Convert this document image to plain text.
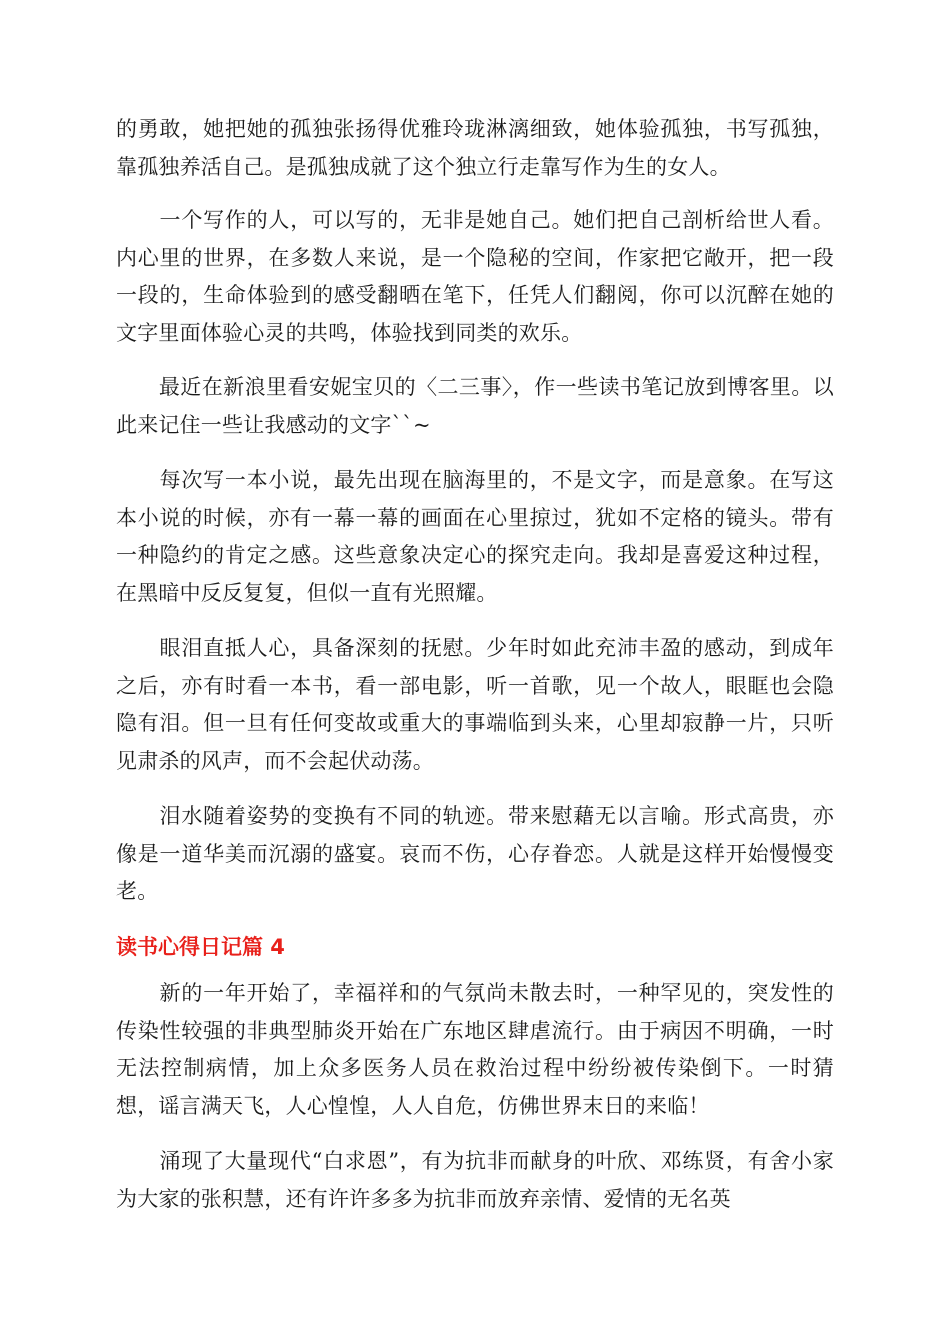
的勇敢，她把她的孤独张扬得优雅玲珑淋漓细致，她体验孤独，书写孤独，靠孤独养活自己。是孤独成就了这个独立行走靠写作为生的女人。

　　一个写作的人，可以写的，无非是她自己。她们把自己剖析给世人看。内心里的世界，在多数人来说，是一个隐秘的空间，作家把它敞开，把一段一段的，生命体验到的感受翻晒在笔下，任凭人们翻阅，你可以沉醉在她的文字里面体验心灵的共鸣，体验找到同类的欢乐。

　　最近在新浪里看安妮宝贝的〈二三事〉，作一些读书笔记放到博客里。以此来记住一些让我感动的文字``~

　　每次写一本小说，最先出现在脑海里的，不是文字，而是意象。在写这本小说的时候，亦有一幕一幕的画面在心里掠过，犹如不定格的镜头。带有一种隐约的肯定之感。这些意象决定心的探究走向。我却是喜爱这种过程，在黑暗中反反复复，但似一直有光照耀。

　　眼泪直抵人心，具备深刻的抚慰。少年时如此充沛丰盈的感动，到成年之后，亦有时看一本书，看一部电影，听一首歌，见一个故人，眼眶也会隐隐有泪。但一旦有任何变故或重大的事端临到头来，心里却寂静一片，只听见肃杀的风声，而不会起伏动荡。

　　泪水随着姿势的变换有不同的轨迹。带来慰藉无以言喻。形式高贵，亦像是一道华美而沉溺的盛宴。哀而不伤，心存眷恋。人就是这样开始慢慢变老。

读书心得日记篇 4

　　新的一年开始了，幸福祥和的气氛尚未散去时，一种罕见的，突发性的传染性较强的非典型肺炎开始在广东地区肆虐流行。由于病因不明确，一时无法控制病情，加上众多医务人员在救治过程中纷纷被传染倒下。一时猜想，谣言满天飞，人心惶惶，人人自危，仿佛世界末日的来临！

　　涌现了大量现代“白求恩”，有为抗非而献身的叶欣、邓练贤，有舍小家为大家的张积慧，还有许许多多为抗非而放弃亲情、爱情的无名英
